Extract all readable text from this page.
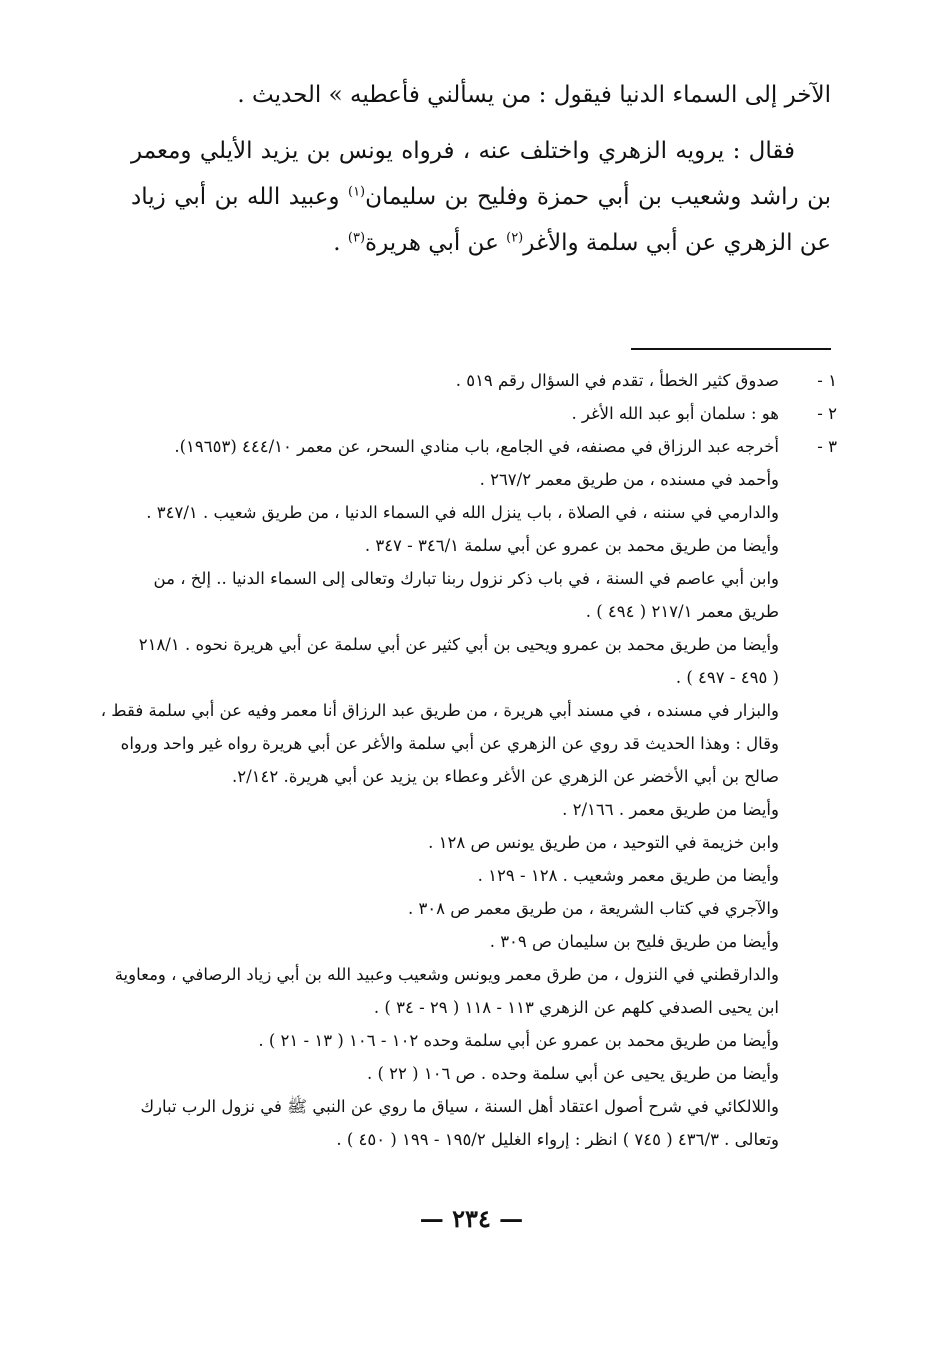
الآخر إلى السماء الدنيا فيقول : من يسألني فأعطيه » الحديث .

فقال : يرويه الزهري واختلف عنه ، فرواه يونس بن يزيد الأيلي ومعمر بن راشد وشعيب بن أبي حمزة وفليح بن سليمان$^{(١)}$ وعبيد الله بن أبي زياد عن الزهري عن أبي سلمة والأغر$^{(٢)}$ عن أبي هريرة$^{(٣)}$ .

١ -
صدوق كثير الخطأ ، تقدم في السؤال رقم ٥١٩ .
٢ -
هو : سلمان أبو عبد الله الأغر .
٣ -
أخرجه عبد الرزاق في مصنفه، في الجامع، باب منادي السحر، عن معمر ٤٤٤/١٠ (١٩٦٥٣).
وأحمد في مسنده ، من طريق معمر ٢٦٧/٢ .
والدارمي في سننه ، في الصلاة ، باب ينزل الله في السماء الدنيا ، من طريق شعيب . ٣٤٧/١ .
وأيضا من طريق محمد بن عمرو عن أبي سلمة ٣٤٦/١ - ٣٤٧ .
وابن أبي عاصم في السنة ، في باب ذكر نزول ربنا تبارك وتعالى إلى السماء الدنيا .. إلخ ، من
طريق معمر ٢١٧/١ ( ٤٩٤ ) .
وأيضا من طريق محمد بن عمرو ويحيى بن أبي كثير عن أبي سلمة عن أبي هريرة نحوه . ٢١٨/١
( ٤٩٥ - ٤٩٧ ) .
والبزار في مسنده ، في مسند أبي هريرة ، من طريق عبد الرزاق أنا معمر وفيه عن أبي سلمة فقط ،
وقال : وهذا الحديث قد روي عن الزهري عن أبي سلمة والأغر عن أبي هريرة رواه غير واحد ورواه
صالح بن أبي الأخضر عن الزهري عن الأغر وعطاء بن يزيد عن أبي هريرة. ٢/١٤٢.
وأيضا من طريق معمر . ٢/١٦٦ .
وابن خزيمة في التوحيد ، من طريق يونس ص ١٢٨ .
وأيضا من طريق معمر وشعيب . ١٢٨ - ١٢٩ .
والآجري في كتاب الشريعة ، من طريق معمر ص ٣٠٨ .
وأيضا من طريق فليح بن سليمان ص ٣٠٩ .
والدارقطني في النزول ، من طرق معمر ويونس وشعيب وعبيد الله بن أبي زياد الرصافي ، ومعاوية
ابن يحيى الصدفي كلهم عن الزهري ١١٣ - ١١٨ ( ٢٩ - ٣٤ ) .
وأيضا من طريق محمد بن عمرو عن أبي سلمة وحده ١٠٢ - ١٠٦ ( ١٣ - ٢١ ) .
وأيضا من طريق يحيى عن أبي سلمة وحده . ص ١٠٦ ( ٢٢ ) .
واللالكائي في شرح أصول اعتقاد أهل السنة ، سياق ما روي عن النبي ﷺ في نزول الرب تبارك
وتعالى . ٤٣٦/٣ ( ٧٤٥ ) انظر : إرواء الغليل ١٩٥/٢ - ١٩٩ ( ٤٥٠ ) .
— ٢٣٤ —
